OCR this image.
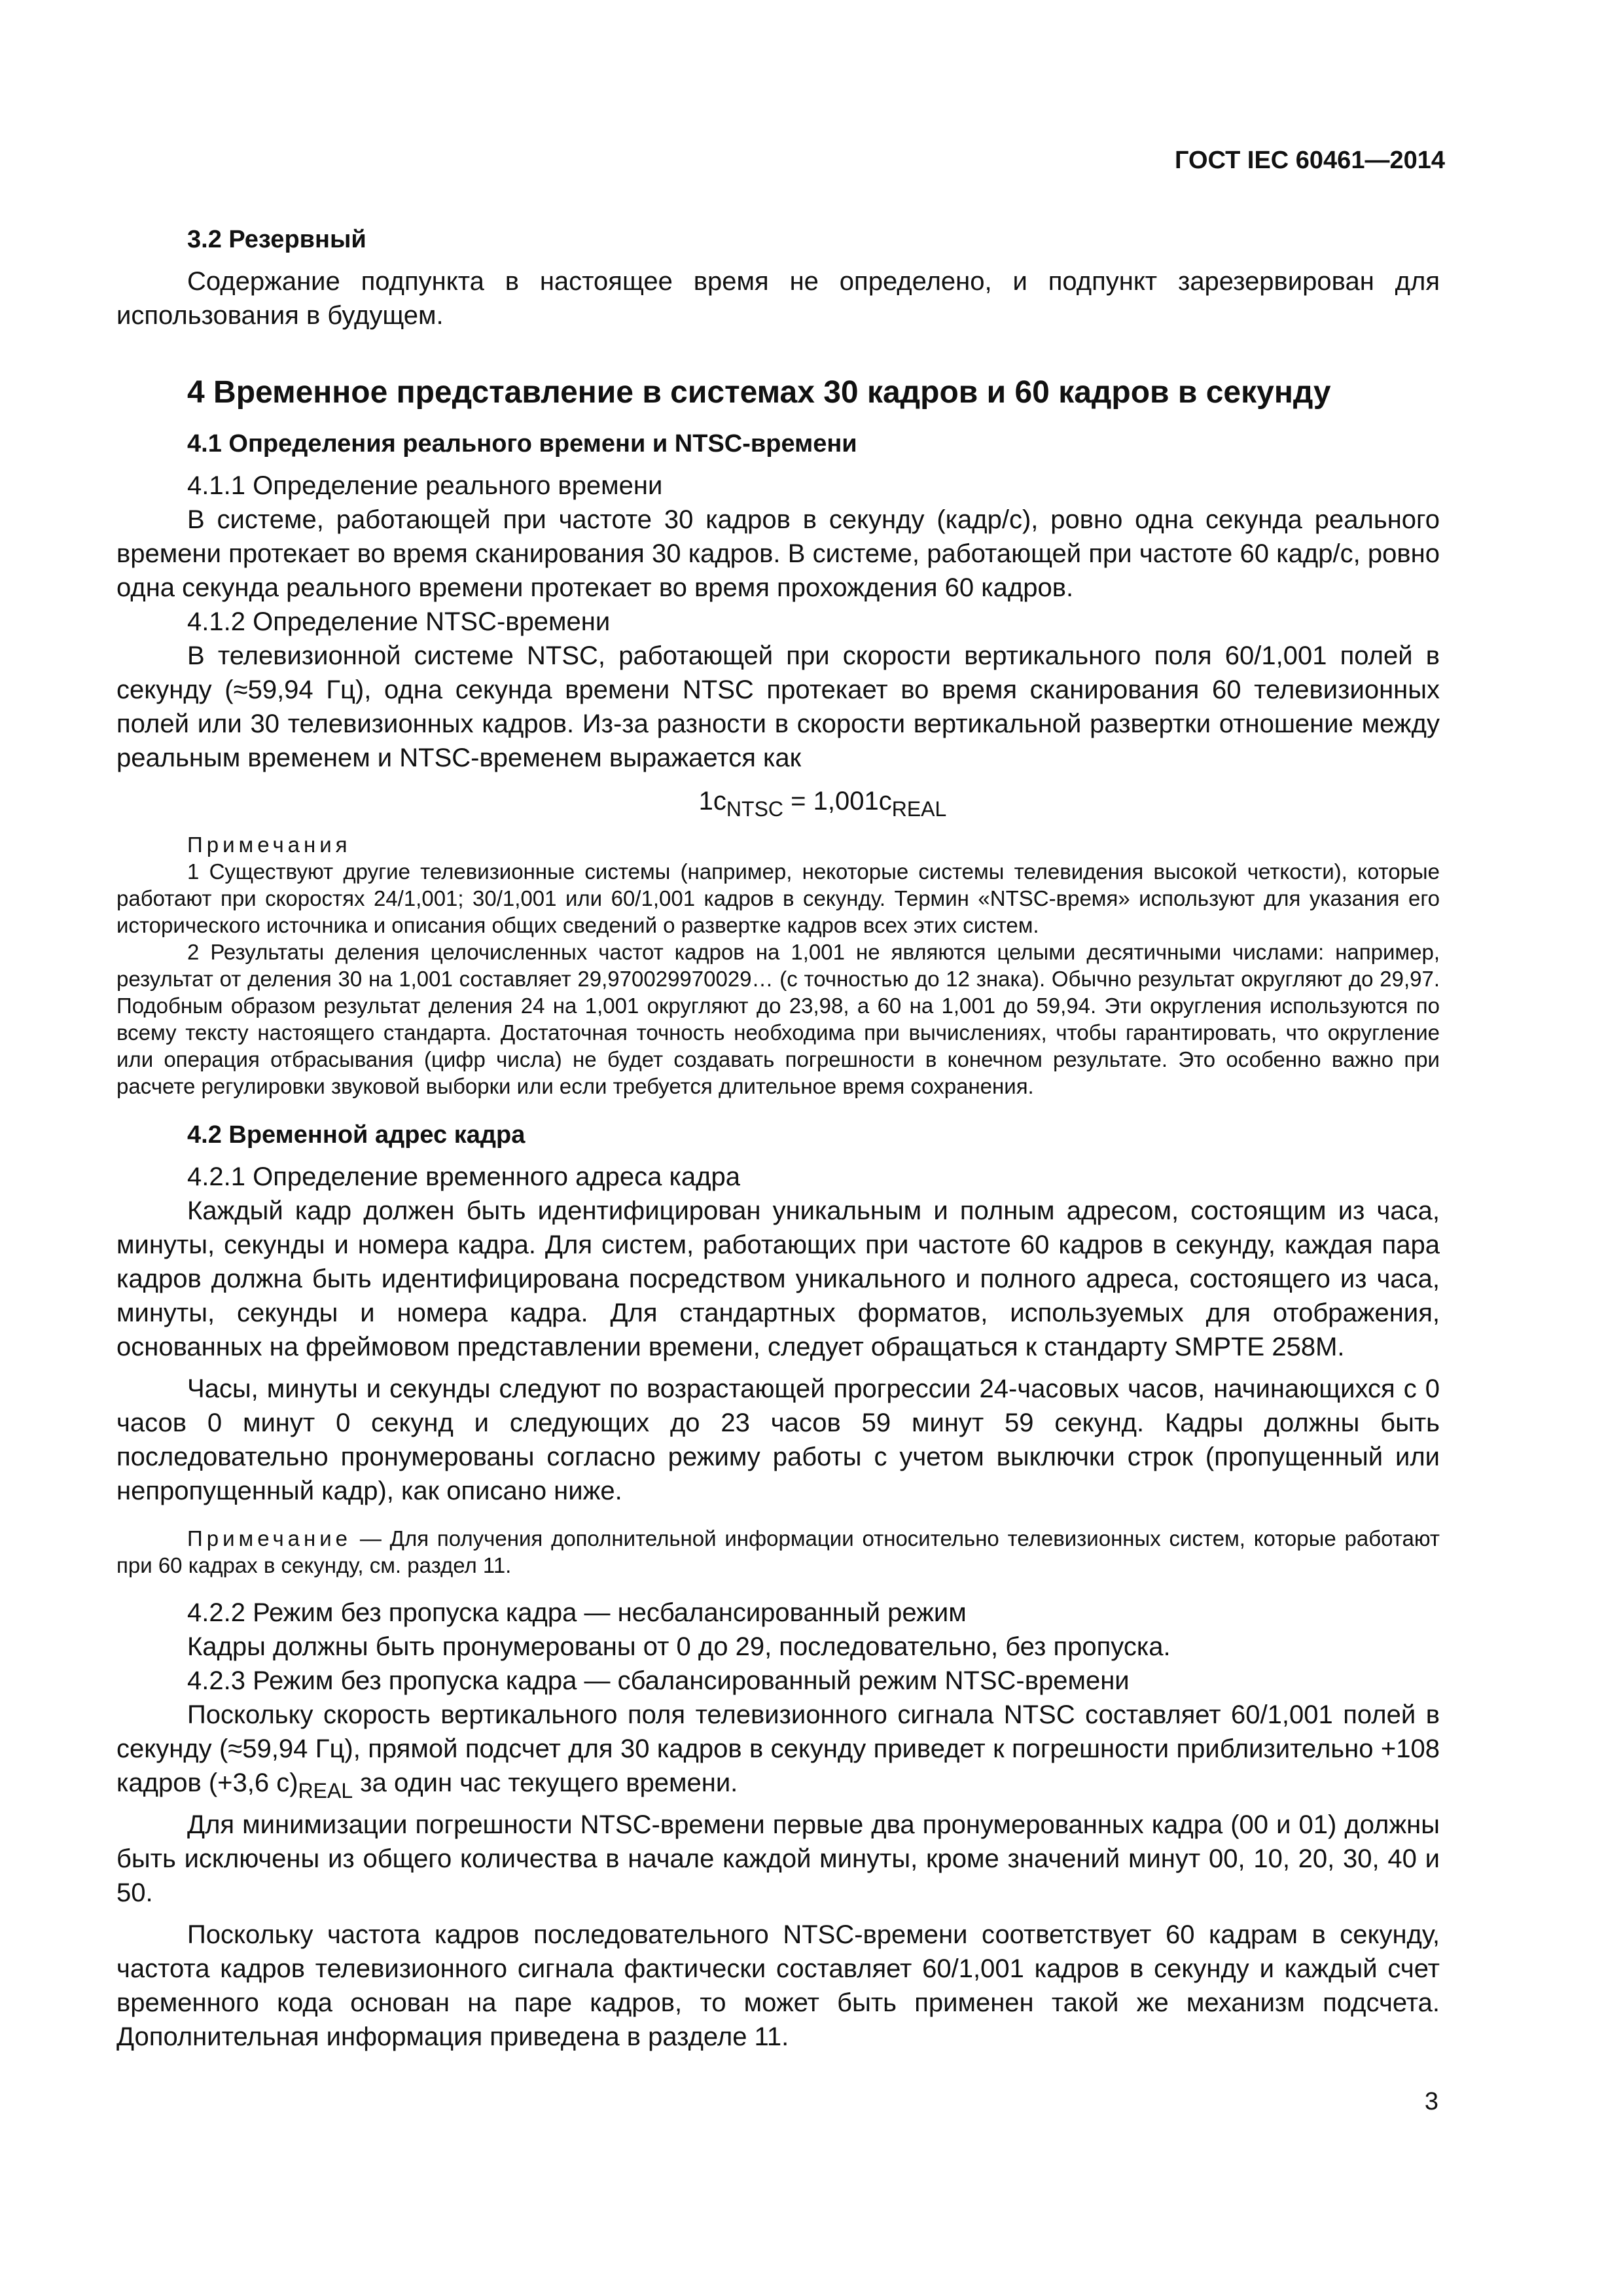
ГОСТ IEC 60461—2014

3.2 Резервный

Содержание подпункта в настоящее время не определено, и подпункт зарезервирован для использования в будущем.

4 Временное представление в системах 30 кадров и 60 кадров в секунду

4.1 Определения реального времени и NTSC-времени

4.1.1 Определение реального времени

В системе, работающей при частоте 30 кадров в секунду (кадр/с), ровно одна секунда реального времени протекает во время сканирования 30 кадров. В системе, работающей при частоте 60 кадр/с, ровно одна секунда реального времени протекает во время прохождения 60 кадров.

4.1.2 Определение NTSC-времени

В телевизионной системе NTSC, работающей при скорости вертикального поля 60/1,001 полей в секунду (≈59,94 Гц), одна секунда времени NTSC протекает во время сканирования 60 телевизионных полей или 30 телевизионных кадров. Из-за разности в скорости вертикальной развертки отношение между реальным временем и NTSC-временем выражается как

$1c_{NTSC} = 1,001c_{REAL}$

Примечания

1 Существуют другие телевизионные системы (например, некоторые системы телевидения высокой четкости), которые работают при скоростях 24/1,001; 30/1,001 или 60/1,001 кадров в секунду. Термин «NTSC-время» используют для указания его исторического источника и описания общих сведений о развертке кадров всех этих систем.

2 Результаты деления целочисленных частот кадров на 1,001 не являются целыми десятичными числами: например, результат от деления 30 на 1,001 составляет 29,970029970029… (с точностью до 12 знака). Обычно результат округляют до 29,97. Подобным образом результат деления 24 на 1,001 округляют до 23,98, а 60 на 1,001 до 59,94. Эти округления используются по всему тексту настоящего стандарта. Достаточная точность необходима при вычислениях, чтобы гарантировать, что округление или операция отбрасывания (цифр числа) не будет создавать погрешности в конечном результате. Это особенно важно при расчете регулировки звуковой выборки или если требуется длительное время сохранения.

4.2 Временной адрес кадра

4.2.1 Определение временного адреса кадра

Каждый кадр должен быть идентифицирован уникальным и полным адресом, состоящим из часа, минуты, секунды и номера кадра. Для систем, работающих при частоте 60 кадров в секунду, каждая пара кадров должна быть идентифицирована посредством уникального и полного адреса, состоящего из часа, минуты, секунды и номера кадра. Для стандартных форматов, используемых для отображения, основанных на фреймовом представлении времени, следует обращаться к стандарту SMPTE 258M.

Часы, минуты и секунды следуют по возрастающей прогрессии 24-часовых часов, начинающихся с 0 часов 0 минут 0 секунд и следующих до 23 часов 59 минут 59 секунд. Кадры должны быть последовательно пронумерованы согласно режиму работы с учетом выключки строк (пропущенный или непропущенный кадр), как описано ниже.

Примечание — Для получения дополнительной информации относительно телевизионных систем, которые работают при 60 кадрах в секунду, см. раздел 11.

4.2.2 Режим без пропуска кадра — несбалансированный режим

Кадры должны быть пронумерованы от 0 до 29, последовательно, без пропуска.

4.2.3 Режим без пропуска кадра — сбалансированный режим NTSC-времени

Поскольку скорость вертикального поля телевизионного сигнала NTSC составляет 60/1,001 полей в секунду (≈59,94 Гц), прямой подсчет для 30 кадров в секунду приведет к погрешности приблизительно +108 кадров (+3,6 $с)_{REAL}$ за один час текущего времени.

Для минимизации погрешности NTSC-времени первые два пронумерованных кадра (00 и 01) должны быть исключены из общего количества в начале каждой минуты, кроме значений минут 00, 10, 20, 30, 40 и 50.

Поскольку частота кадров последовательного NTSC-времени соответствует 60 кадрам в секунду, частота кадров телевизионного сигнала фактически составляет 60/1,001 кадров в секунду и каждый счет временного кода основан на паре кадров, то может быть применен такой же механизм подсчета. Дополнительная информация приведена в разделе 11.

3
